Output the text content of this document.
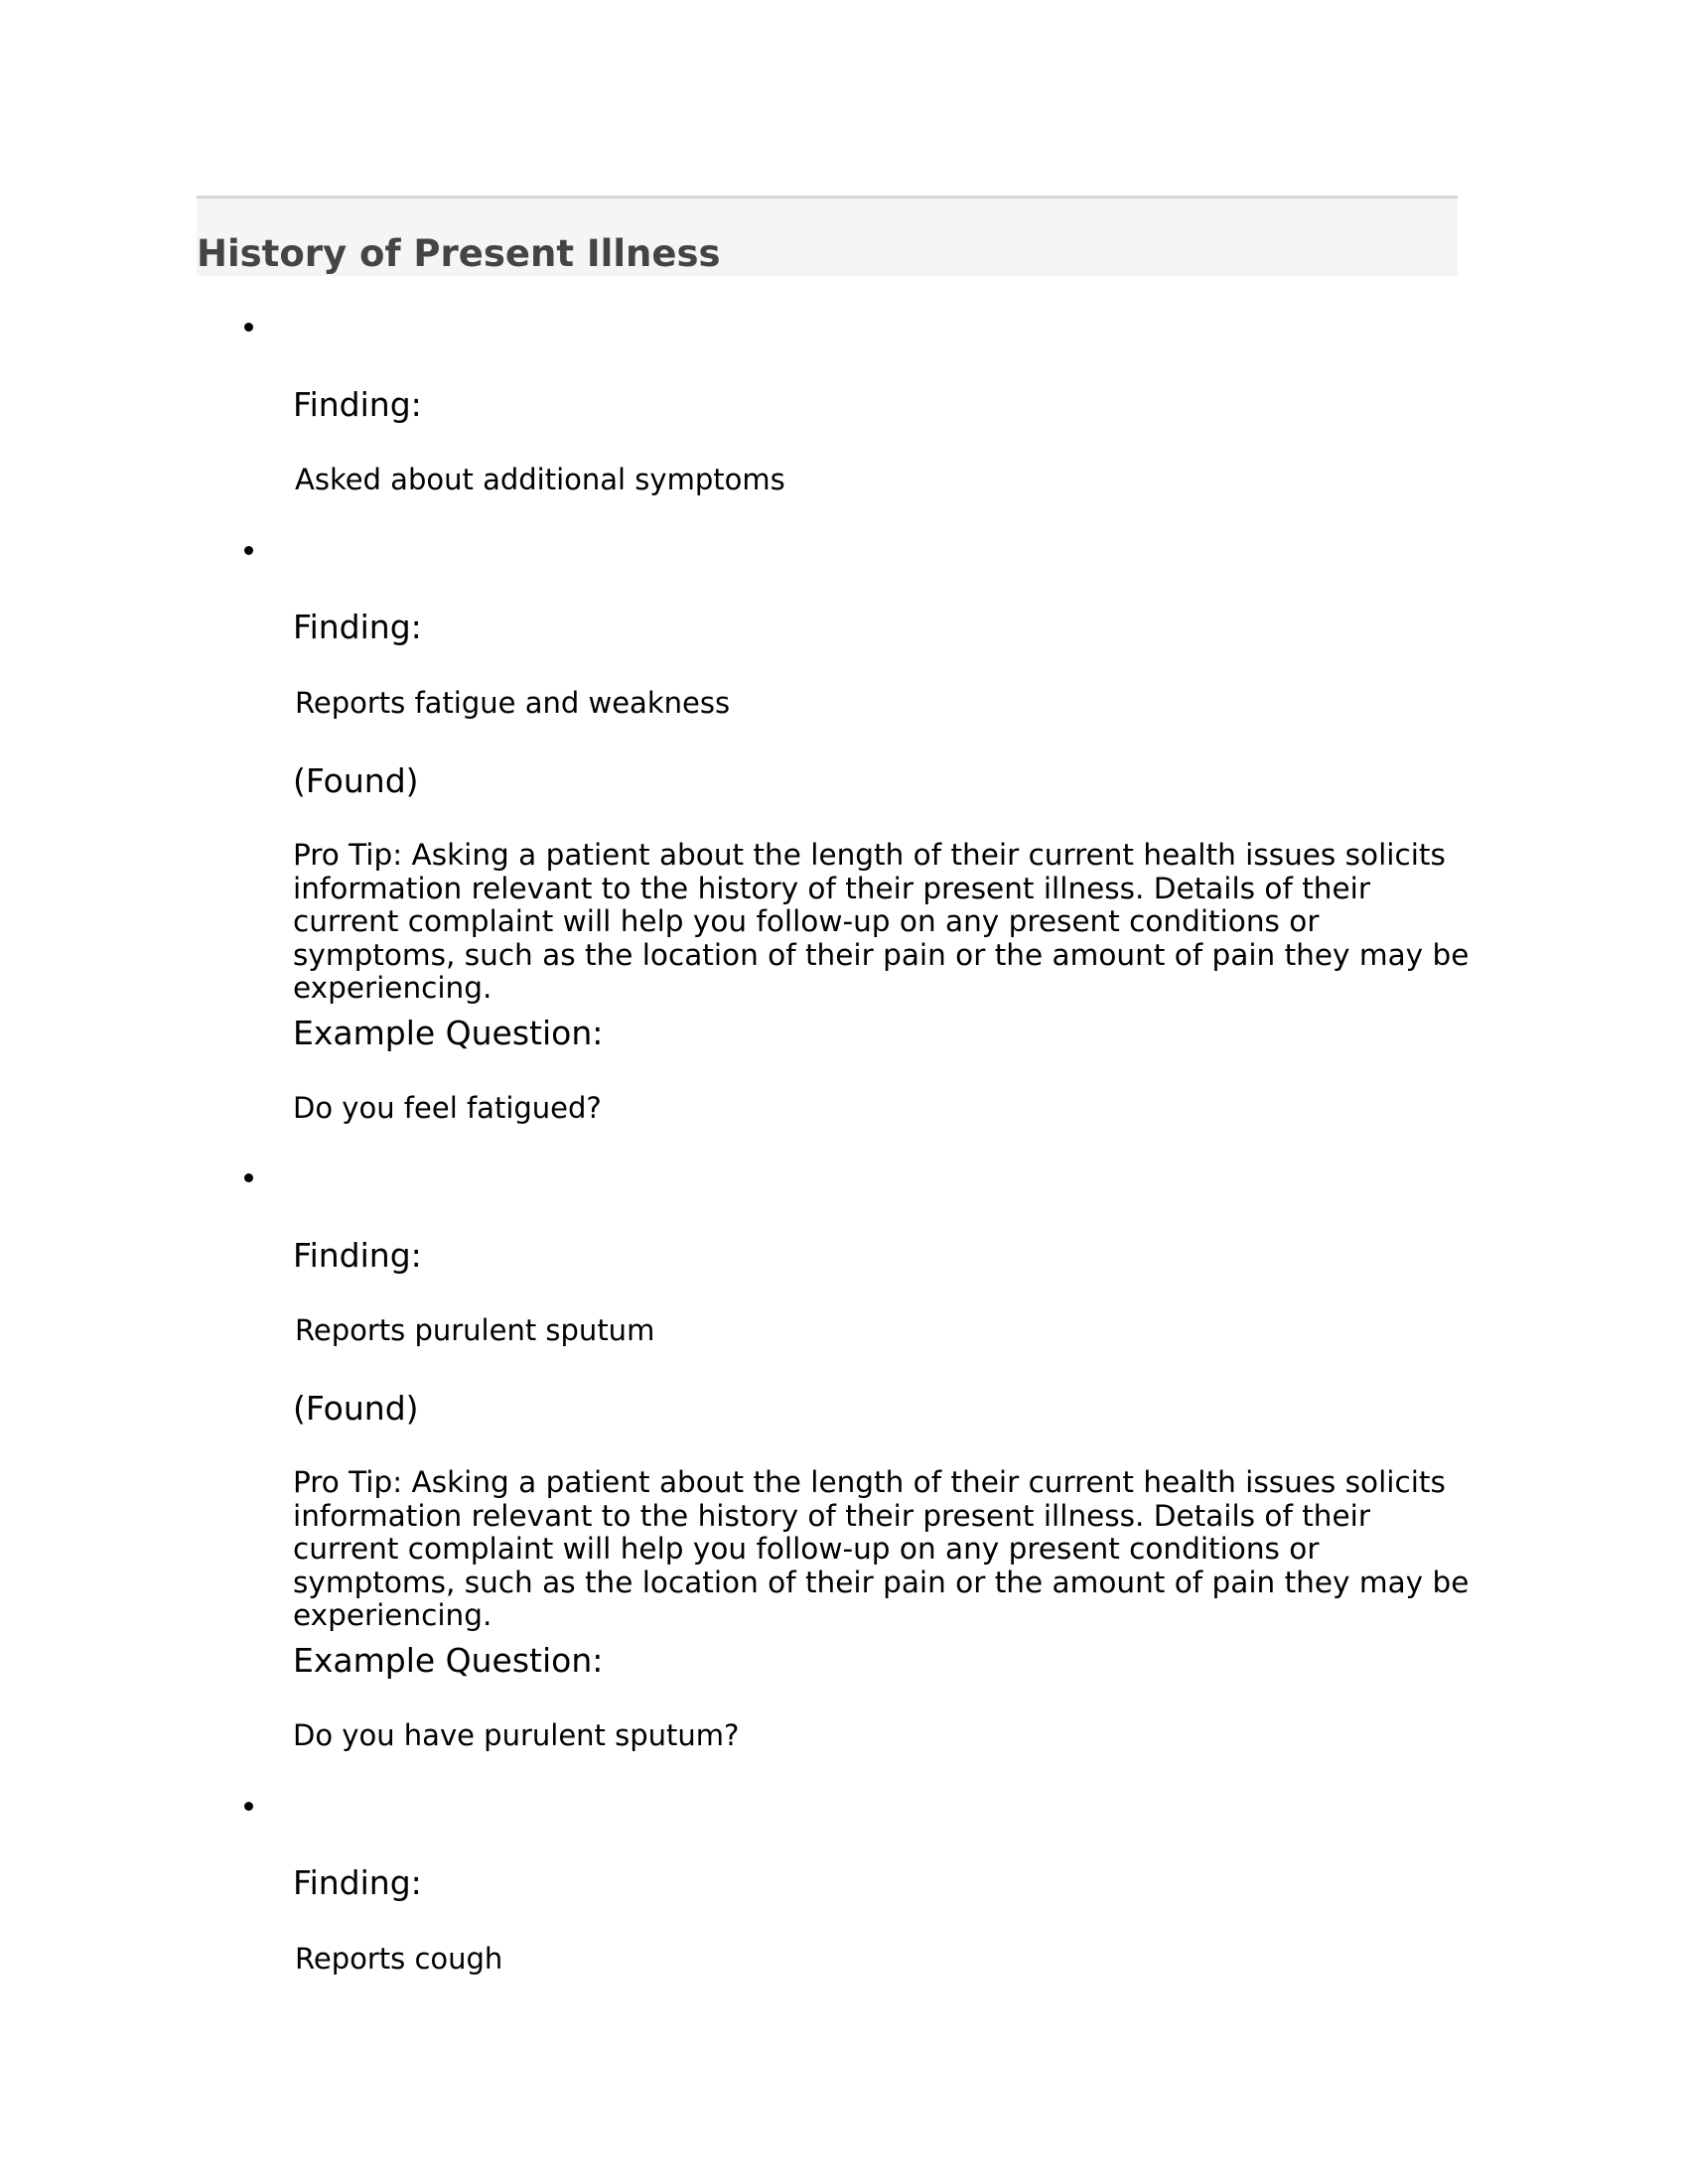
History of Present Illness

Finding:

Asked about additional symptoms

Finding:

Reports fatigue and weakness

(Found)

Pro Tip: Asking a patient about the length of their current health issues solicits information relevant to the history of their present illness. Details of their current complaint will help you follow-up on any present conditions or symptoms, such as the location of their pain or the amount of pain they may be experiencing.

Example Question:

Do you feel fatigued?

Finding:

Reports purulent sputum

(Found)

Pro Tip: Asking a patient about the length of their current health issues solicits information relevant to the history of their present illness. Details of their current complaint will help you follow-up on any present conditions or symptoms, such as the location of their pain or the amount of pain they may be experiencing.

Example Question:

Do you have purulent sputum?

Finding:

Reports cough
